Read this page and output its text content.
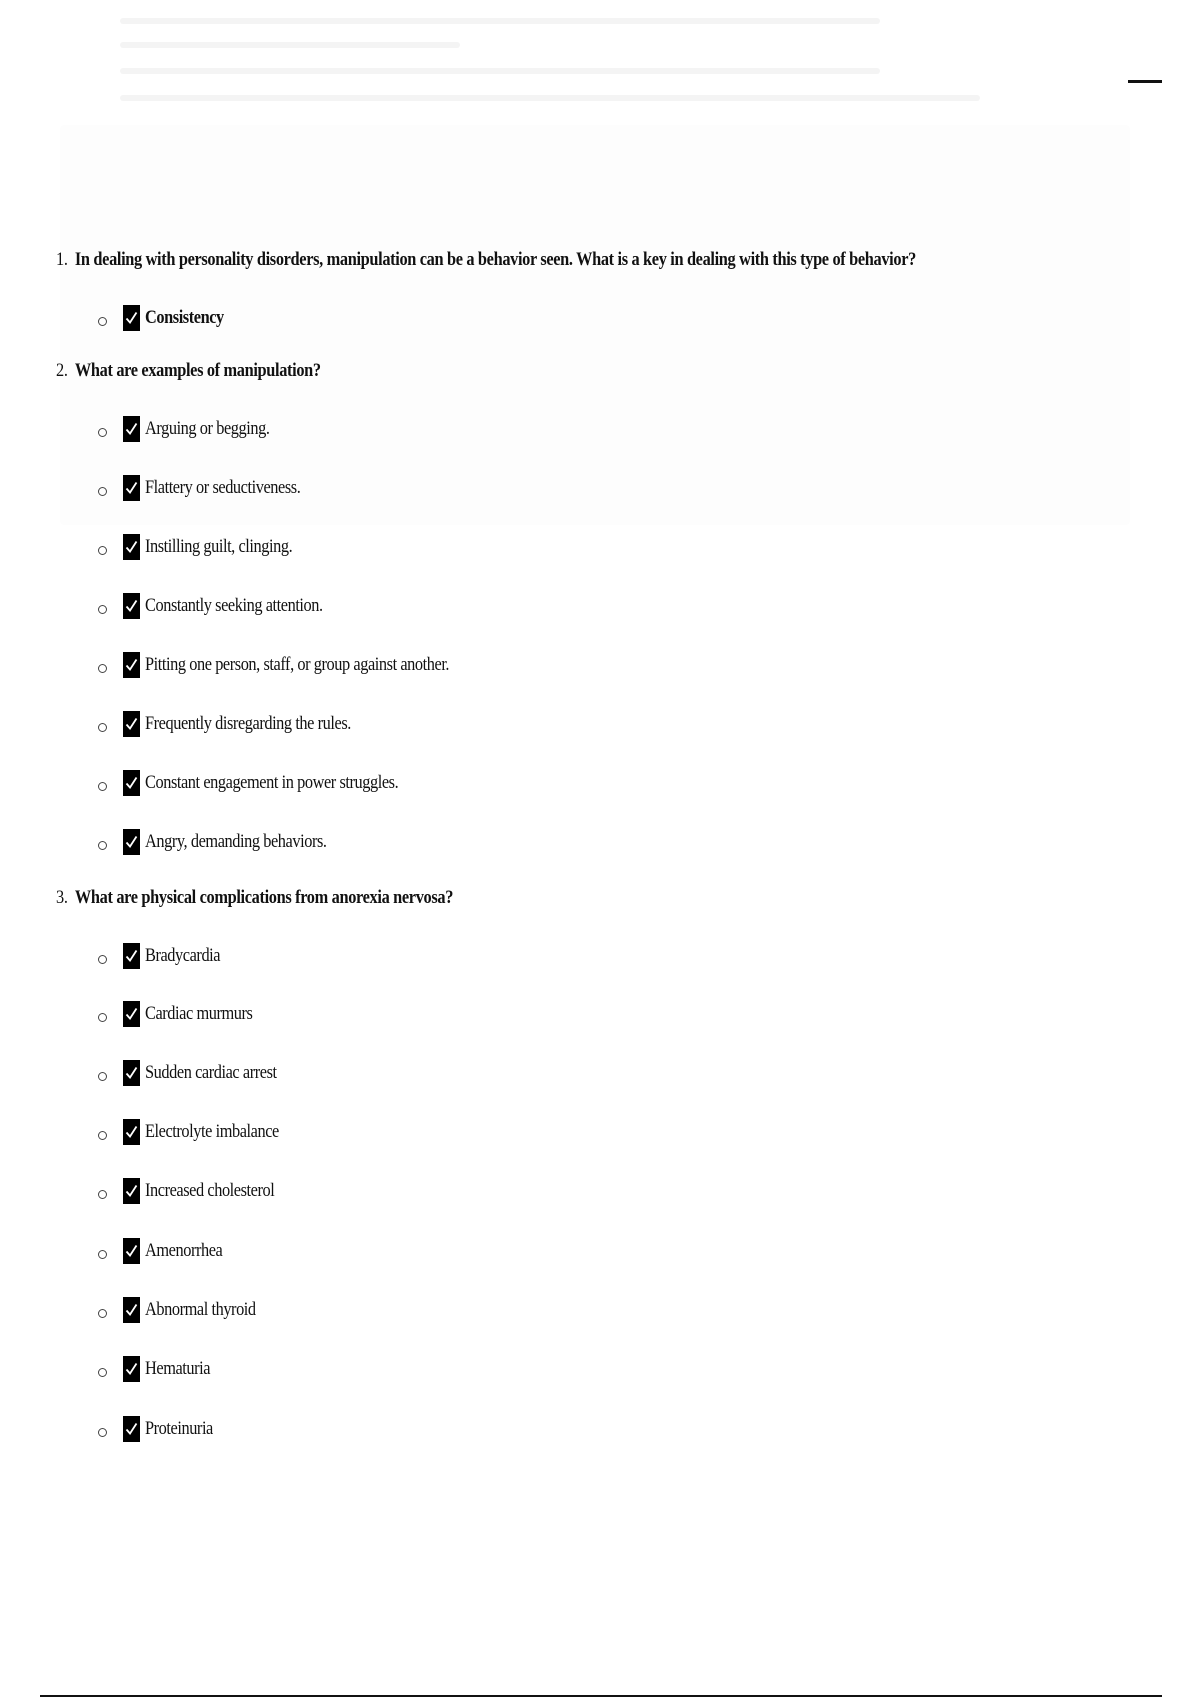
1. In dealing with personality disorders, manipulation can be a behavior seen. What is a key in dealing with this type of behavior?
Consistency
2. What are examples of manipulation?
Arguing or begging.
Flattery or seductiveness.
Instilling guilt, clinging.
Constantly seeking attention.
Pitting one person, staff, or group against another.
Frequently disregarding the rules.
Constant engagement in power struggles.
Angry, demanding behaviors.
3. What are physical complications from anorexia nervosa?
Bradycardia
Cardiac murmurs
Sudden cardiac arrest
Electrolyte imbalance
Increased cholesterol
Amenorrhea
Abnormal thyroid
Hematuria
Proteinuria
